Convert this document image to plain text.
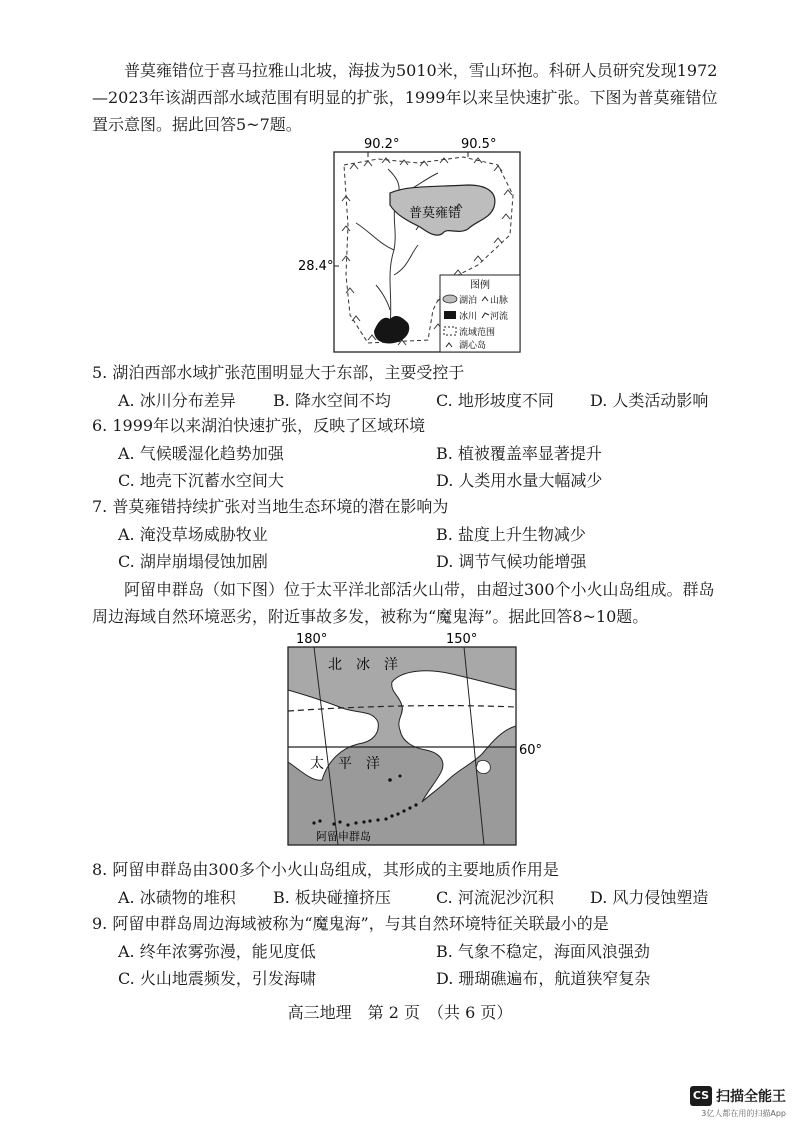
普莫雍错位于喜马拉雅山北坡，海拔为5010米，雪山环抱。科研人员研究发现1972—2023年该湖西部水域范围有明显的扩张，1999年以来呈快速扩张。下图为普莫雍错位置示意图。据此回答5~7题。
90.2°	90.5°
28.4°
普莫雍错
图例
湖泊 山脉
冰川 河流
流域范围
湖心岛
5. 湖泊西部水域扩张范围明显大于东部，主要受控于
A. 冰川分布差异 B. 降水空间不均	C. 地形坡度不同 D. 人类活动影响
6. 1999年以来湖泊快速扩张，反映了区域环境
A. 气候暖湿化趋势加强	B. 植被覆盖率显著提升
C. 地壳下沉蓄水空间大	D. 人类用水量大幅减少
7. 普莫雍错持续扩张对当地生态环境的潜在影响为
A. 淹没草场威胁牧业	B. 盐度上升生物减少
C. 湖岸崩塌侵蚀加剧	D. 调节气候功能增强
阿留申群岛（如下图）位于太平洋北部活火山带，由超过300个小火山岛组成。群岛周边海域自然环境恶劣，附近事故多发，被称为“魔鬼海”。据此回答8~10题。
180°	150°
60°
北　冰　洋
太　平　洋
阿留申群岛
8. 阿留申群岛由300多个小火山岛组成，其形成的主要地质作用是
A. 冰碛物的堆积 B. 板块碰撞挤压	C. 河流泥沙沉积 D. 风力侵蚀塑造
9. 阿留申群岛周边海域被称为“魔鬼海”，与其自然环境特征关联最小的是
A. 终年浓雾弥漫，能见度低	B. 气象不稳定，海面风浪强劲
C. 火山地震频发，引发海啸	D. 珊瑚礁遍布，航道狭窄复杂
高三地理　第 2 页　（共 6 页）
CS 扫描全能王
3亿人都在用的扫描App
